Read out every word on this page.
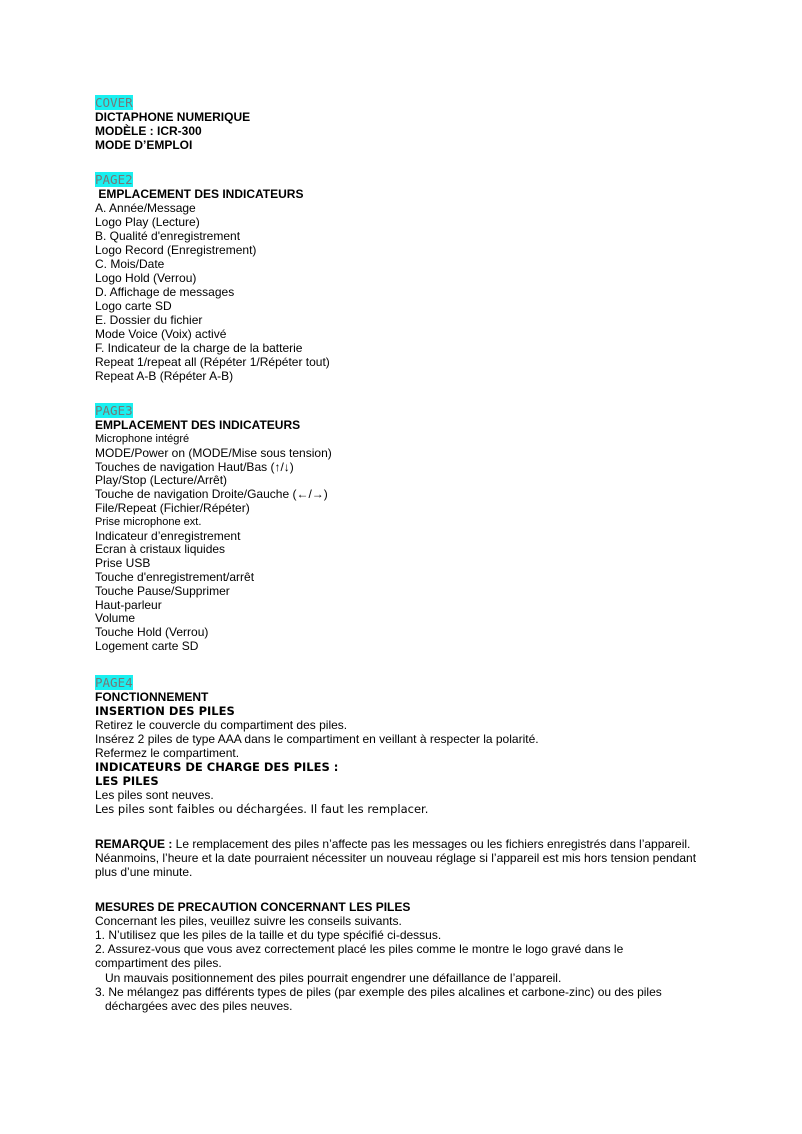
COVER
DICTAPHONE NUMERIQUE
MODÈLE : ICR-300
MODE D’EMPLOI
PAGE2
EMPLACEMENT DES INDICATEURS
A. Année/Message
Logo Play (Lecture)
B. Qualité d'enregistrement
Logo Record (Enregistrement)
C. Mois/Date
Logo Hold (Verrou)
D. Affichage de messages
Logo carte SD
E. Dossier du fichier
Mode Voice (Voix) activé
F. Indicateur de la charge de la batterie
Repeat 1/repeat all (Répéter 1/Répéter tout)
Repeat A-B (Répéter A-B)
PAGE3
EMPLACEMENT DES INDICATEURS
Microphone intégré
MODE/Power on (MODE/Mise sous tension)
Touches de navigation Haut/Bas (↑/↓)
Play/Stop (Lecture/Arrêt)
Touche de navigation Droite/Gauche (←/→)
File/Repeat (Fichier/Répéter)
Prise microphone ext.
Indicateur d’enregistrement
Ecran à cristaux liquides
Prise USB
Touche d'enregistrement/arrêt
Touche Pause/Supprimer
Haut-parleur
Volume
Touche Hold (Verrou)
Logement carte SD
PAGE4
FONCTIONNEMENT
INSERTION DES PILES
Retirez le couvercle du compartiment des piles.
Insérez 2 piles de type AAA dans le compartiment en veillant à respecter la polarité.
Refermez le compartiment.
INDICATEURS DE CHARGE DES PILES :
LES PILES
Les piles sont neuves.
Les piles sont faibles ou déchargées. Il faut les remplacer.
REMARQUE : Le remplacement des piles n’affecte pas les messages ou les fichiers enregistrés dans l’appareil. Néanmoins, l’heure et la date pourraient nécessiter un nouveau réglage si l’appareil est mis hors tension pendant plus d’une minute.
MESURES DE PRECAUTION CONCERNANT LES PILES
Concernant les piles, veuillez suivre les conseils suivants.
1. N’utilisez que les piles de la taille et du type spécifié ci-dessus.
2. Assurez-vous que vous avez correctement placé les piles comme le montre le logo gravé dans le
compartiment des piles.
Un mauvais positionnement des piles pourrait engendrer une défaillance de l’appareil.
3. Ne mélangez pas différents types de piles (par exemple des piles alcalines et carbone-zinc) ou des piles
déchargées avec des piles neuves.
